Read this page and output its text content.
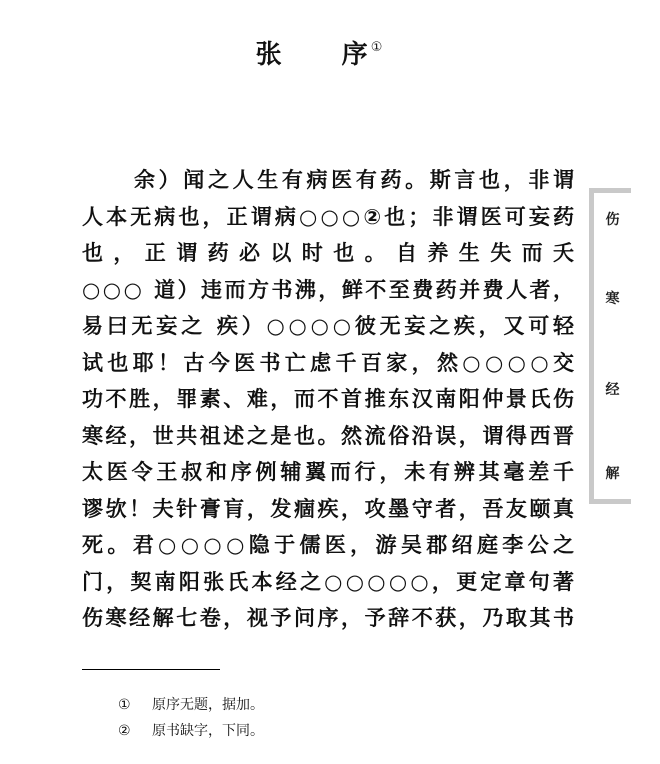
张 序①
余）闻之人生有病医有药。斯言也，非谓
人本无病也，正谓病○○○②也；非谓医可妄药
也，正谓药必以时也。自养生失而夭
○○○ 道）违而方书沸，鲜不至费药并费人者，
易曰无妄之 疾）○○○○彼无妄之疾，又可轻
试也耶！古今医书亡虑千百家，然○○○○交
功不胜，罪素、难，而不首推东汉南阳仲景氏伤
寒经，世共祖述之是也。然流俗沿误，谓得西晋
太医令王叔和序例辅翼而行，未有辨其毫差千
谬欤！夫针膏肓，发痼疾，攻墨守者，吾友颐真
死。君○○○○隐于儒医，游吴郡绍庭李公之
门，契南阳张氏本经之○○○○○，更定章句著
伤寒经解七卷，视予问序，予辞不获，乃取其书
伤
寒
经
解
① 原序无题，据加。
② 原书缺字，下同。
